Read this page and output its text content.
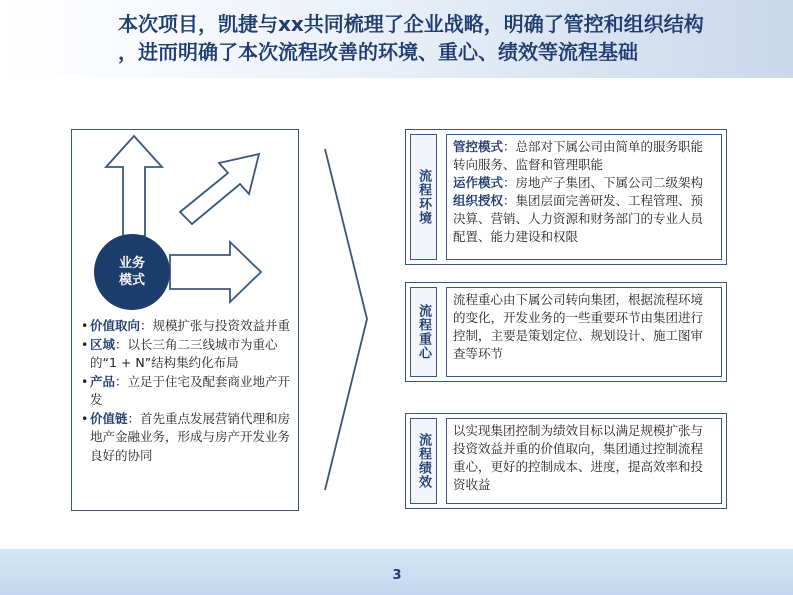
本次项目，凯捷与xx共同梳理了企业战略，明确了管控和组织结构
，进而明确了本次流程改善的环境、重心、绩效等流程基础
业务模式
• 价值取向：规模扩张与投资效益并重
• 区域：以长三角二三线城市为重心的“1 + N”结构集约化布局
• 产品：立足于住宅及配套商业地产开发
• 价值链：首先重点发展营销代理和房地产金融业务，形成与房产开发业务良好的协同
流程环境
管控模式：总部对下属公司由简单的服务职能转向服务、监督和管理职能
运作模式：房地产子集团、下属公司二级架构
组织授权：集团层面完善研发、工程管理、预决算、营销、人力资源和财务部门的专业人员配置、能力建设和权限
流程重心
流程重心由下属公司转向集团，根据流程环境的变化，开发业务的一些重要环节由集团进行控制，主要是策划定位、规划设计、施工图审查等环节
流程绩效
以实现集团控制为绩效目标以满足规模扩张与投资效益并重的价值取向，集团通过控制流程重心，更好的控制成本、进度，提高效率和投资收益
3
